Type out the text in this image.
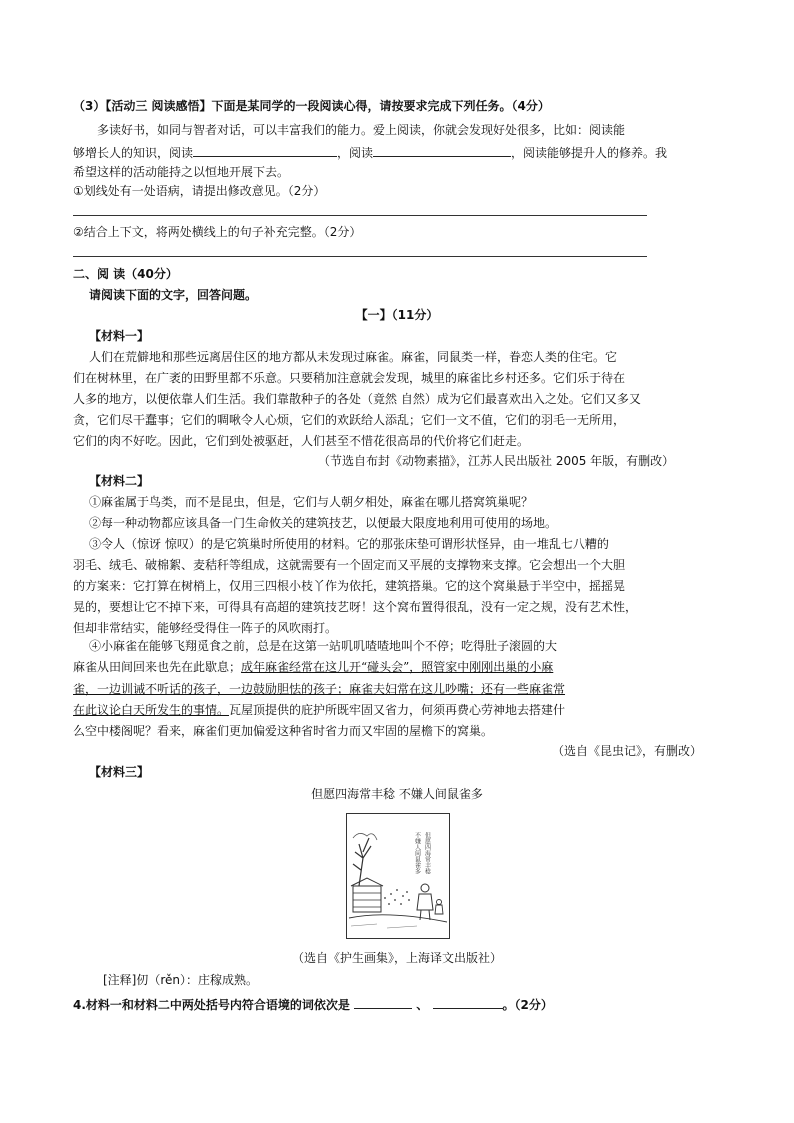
（3）【活动三 阅读感悟】下面是某同学的一段阅读心得，请按要求完成下列任务。（4分）
多读好书，如同与智者对话，可以丰富我们的能力。爱上阅读，你就会发现好处很多，比如：阅读能
够增长人的知识，阅读	，阅读	，阅读能够提升人的修养。我
希望这样的活动能持之以恒地开展下去。
①划线处有一处语病，请提出修改意见。（2分）
②结合上下文，将两处横线上的句子补充完整。（2分）
二、阅 读（40分）
请阅读下面的文字，回答问题。
【一】（11分）
【材料一】
人们在荒僻地和那些远离居住区的地方都从未发现过麻雀。麻雀，同鼠类一样，眷恋人类的住宅。它
们在树林里，在广袤的田野里都不乐意。只要稍加注意就会发现，城里的麻雀比乡村还多。它们乐于待在
人多的地方，以便依靠人们生活。我们靠散种子的各处（竟然 自然）成为它们最喜欢出入之处。它们又多又
贪，它们尽干蠢事；它们的啁啾令人心烦，它们的欢跃给人添乱；它们一文不值，它们的羽毛一无所用，
它们的肉不好吃。因此，它们到处被驱赶，人们甚至不惜花很高昂的代价将它们赶走。
（节选自布封《动物素描》，江苏人民出版社 2005 年版，有删改）
【材料二】
①麻雀属于鸟类，而不是昆虫，但是，它们与人朝夕相处，麻雀在哪儿搭窝筑巢呢？
②每一种动物都应该具备一门生命攸关的建筑技艺，以便最大限度地利用可使用的场地。
③令人（惊讶 惊叹）的是它筑巢时所使用的材料。它的那张床垫可谓形状怪异，由一堆乱七八糟的
羽毛、绒毛、破棉絮、麦秸秆等组成，这就需要有一个固定而又平展的支撑物来支撑。它会想出一个大胆
的方案来：它打算在树梢上，仅用三四根小枝丫作为依托，建筑搭巢。它的这个窝巢悬于半空中，摇摇晃
晃的，要想让它不掉下来，可得具有高超的建筑技艺呀！这个窝布置得很乱，没有一定之规，没有艺术性，
但却非常结实，能够经受得住一阵子的风吹雨打。
④小麻雀在能够飞翔觅食之前，总是在这第一站叽叽喳喳地叫个不停；吃得肚子滚圆的大
麻雀从田间回来也先在此歇息；成年麻雀经常在这儿开“碰头会”，照管家中刚刚出巢的小麻
雀，一边训诫不听话的孩子，一边鼓励胆怯的孩子；麻雀夫妇常在这儿吵嘴；还有一些麻雀常
在此议论白天所发生的事情。瓦屋顶提供的庇护所既牢固又省力，何须再费心劳神地去搭建什
么空中楼阁呢？看来，麻雀们更加偏爱这种省时省力而又牢固的屋檐下的窝巢。
（选自《昆虫记》，有删改）
【材料三】
但愿四海常丰稔 不嫌人间鼠雀多
但愿四海常丰稔
不嫌人间鼠雀多
（选自《护生画集》，上海译文出版社）
[注释]仞（rěn）：庄稼成熟。
4.材料一和材料二中两处括号内符合语境的词依次是	、	。（2分）
